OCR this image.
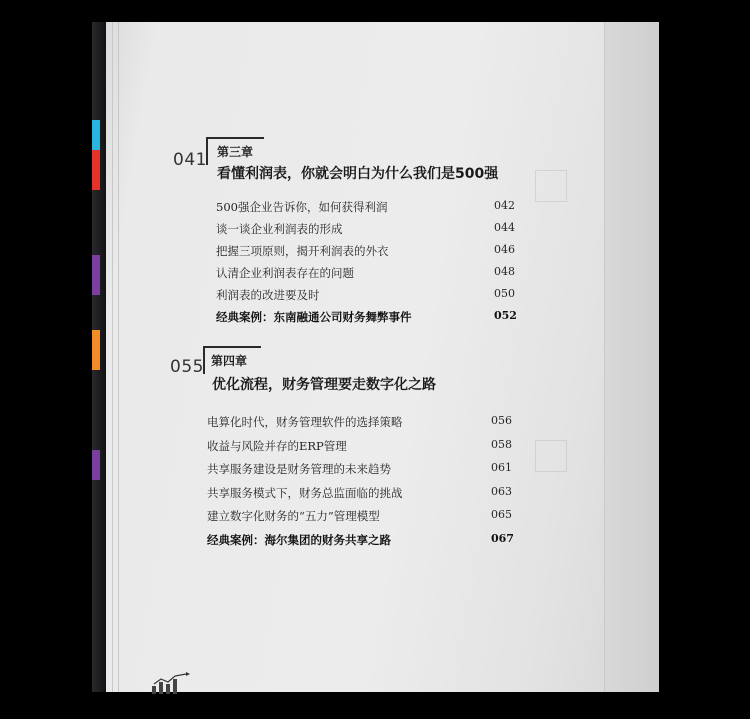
041 第三章
看懂利润表，你就会明白为什么我们是500强
500强企业告诉你，如何获得利润	042
谈一谈企业利润表的形成	044
把握三项原则，揭开利润表的外衣	046
认清企业利润表存在的问题	048
利润表的改进要及时	050
经典案例：东南融通公司财务舞弊事件	052
055 第四章
优化流程，财务管理要走数字化之路
电算化时代，财务管理软件的选择策略	056
收益与风险并存的ERP管理	058
共享服务建设是财务管理的未来趋势	061
共享服务模式下，财务总监面临的挑战	063
建立数字化财务的“五力”管理模型	065
经典案例：海尔集团的财务共享之路	067
